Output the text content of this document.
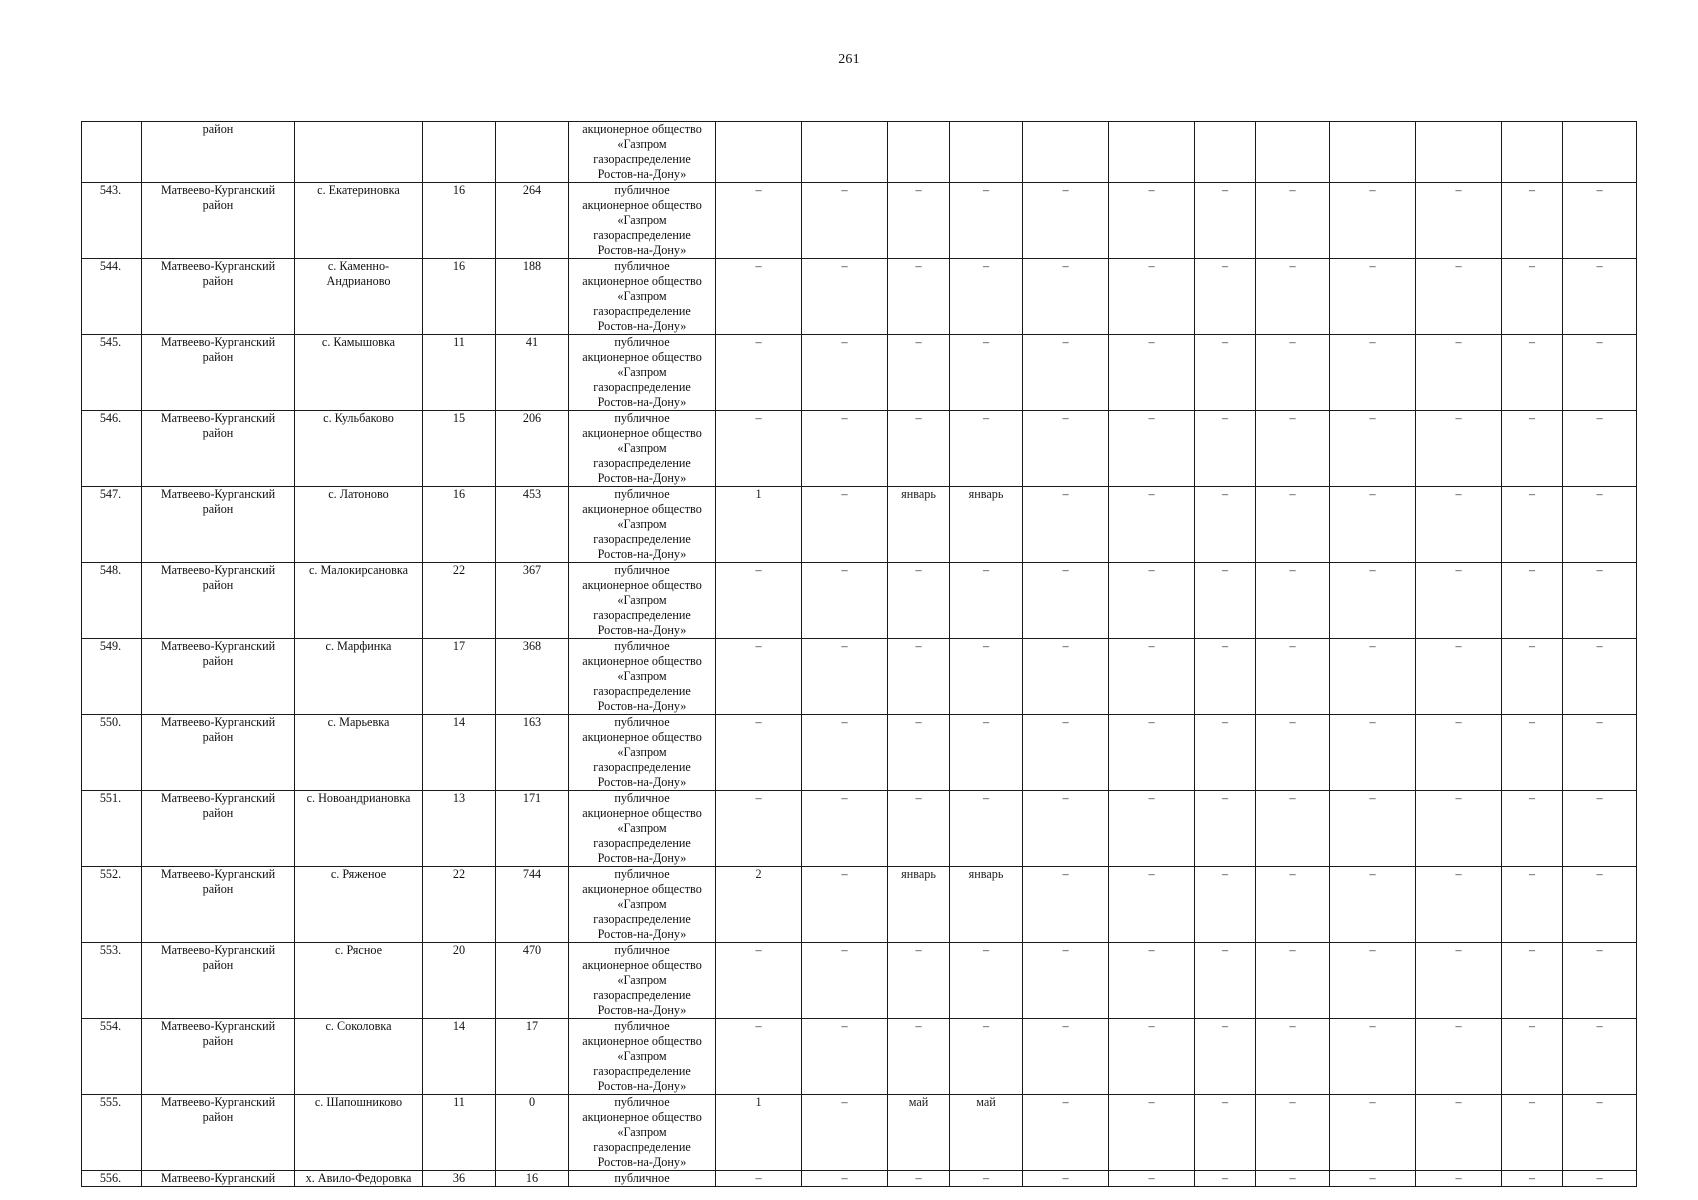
261

	район				акционерное общество
«Газпром
газораспределение
Ростов-на-Дону»												

543.	Матвеево-Курганский
район	с. Екатериновка	16	264	публичное
акционерное общество
«Газпром
газораспределение
Ростов-на-Дону»	–	–	–	–	–	–	–	–	–	–	–	–
544.	Матвеево-Курганский
район	с. Каменно-
Андрианово	16	188	публичное
акционерное общество
«Газпром
газораспределение
Ростов-на-Дону»	–	–	–	–	–	–	–	–	–	–	–	–
545.	Матвеево-Курганский
район	с. Камышовка	11	41	публичное
акционерное общество
«Газпром
газораспределение
Ростов-на-Дону»	–	–	–	–	–	–	–	–	–	–	–	–
546.	Матвеево-Курганский
район	с. Кульбаково	15	206	публичное
акционерное общество
«Газпром
газораспределение
Ростов-на-Дону»	–	–	–	–	–	–	–	–	–	–	–	–
547.	Матвеево-Курганский
район	с. Латоново	16	453	публичное
акционерное общество
«Газпром
газораспределение
Ростов-на-Дону»	1	–	январь	январь	–	–	–	–	–	–	–	–
548.	Матвеево-Курганский
район	с. Малокирсановка	22	367	публичное
акционерное общество
«Газпром
газораспределение
Ростов-на-Дону»	–	–	–	–	–	–	–	–	–	–	–	–
549.	Матвеево-Курганский
район	с. Марфинка	17	368	публичное
акционерное общество
«Газпром
газораспределение
Ростов-на-Дону»	–	–	–	–	–	–	–	–	–	–	–	–
550.	Матвеево-Курганский
район	с. Марьевка	14	163	публичное
акционерное общество
«Газпром
газораспределение
Ростов-на-Дону»	–	–	–	–	–	–	–	–	–	–	–	–
551.	Матвеево-Курганский
район	с. Новоандриановка	13	171	публичное
акционерное общество
«Газпром
газораспределение
Ростов-на-Дону»	–	–	–	–	–	–	–	–	–	–	–	–
552.	Матвеево-Курганский
район	с. Ряженое	22	744	публичное
акционерное общество
«Газпром
газораспределение
Ростов-на-Дону»	2	–	январь	январь	–	–	–	–	–	–	–	–
553.	Матвеево-Курганский
район	с. Рясное	20	470	публичное
акционерное общество
«Газпром
газораспределение
Ростов-на-Дону»	–	–	–	–	–	–	–	–	–	–	–	–
554.	Матвеево-Курганский
район	с. Соколовка	14	17	публичное
акционерное общество
«Газпром
газораспределение
Ростов-на-Дону»	–	–	–	–	–	–	–	–	–	–	–	–
555.	Матвеево-Курганский
район	с. Шапошниково	11	0	публичное
акционерное общество
«Газпром
газораспределение
Ростов-на-Дону»	1	–	май	май	–	–	–	–	–	–	–	–
556.	Матвеево-Курганский	х. Авило-Федоровка	36	16	публичное	–	–	–	–	–	–	–	–	–	–	–	–
